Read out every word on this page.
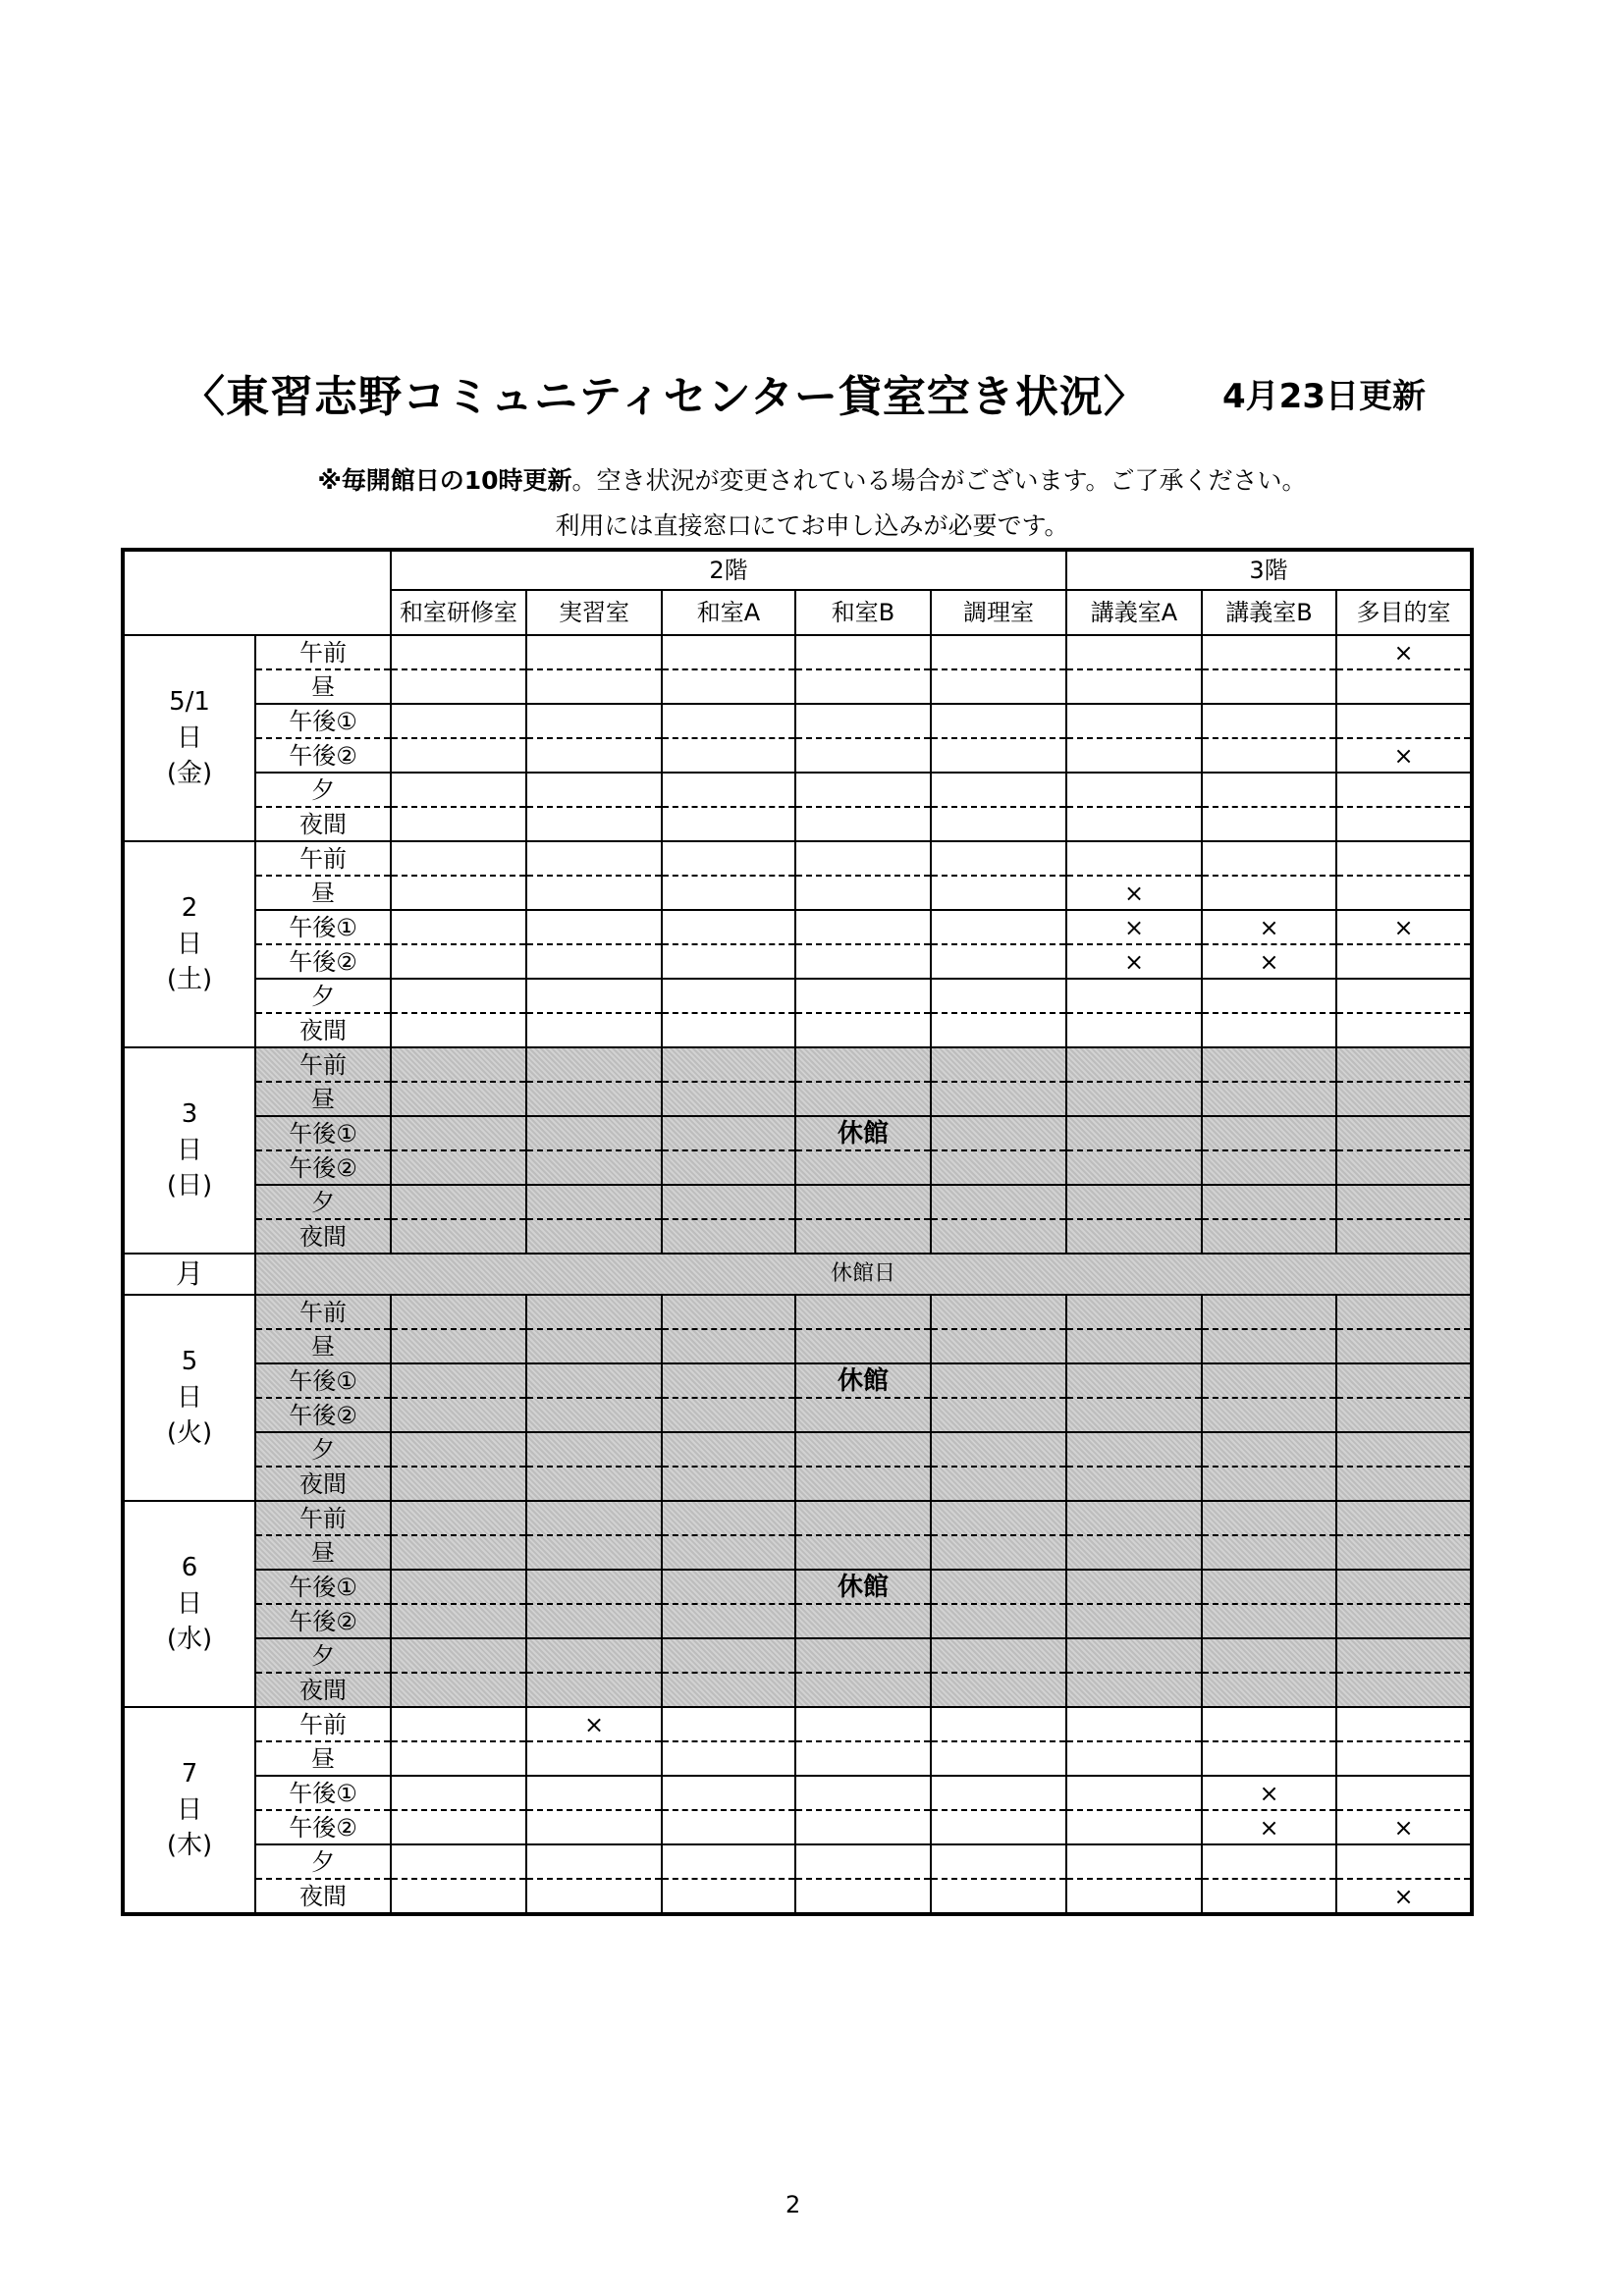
〈東習志野コミュニティセンター貸室空き状況〉 4月23日更新
※毎開館日の10時更新。空き状況が変更されている場合がございます。ご了承ください。
利用には直接窓口にてお申し込みが必要です。
		2階					3階		
		和室研修室	実習室	和室A	和室B	調理室	講義室A	講義室B	多目的室

5/1
日
(金)	午前								×
	昼								
	午後①								
	午後②								×
	夕								
	夜間								

2
日
(土)	午前								
	昼						×		
	午後①						×	×	×
	午後②						×	×	
	夕								
	夜間								

3
日
(日)	午前								
	昼								
	午後①				休館				
	午後②								
	夕								
	夜間								
月	休館日								

5
日
(火)	午前								
	昼								
	午後①				休館				
	午後②								
	夕								
	夜間								

6
日
(水)	午前								
	昼								
	午後①				休館				
	午後②								
	夕								
	夜間								

7
日
(木)	午前		×						
	昼								
	午後①							×	
	午後②							×	×
	夕								
	夜間								×
2
